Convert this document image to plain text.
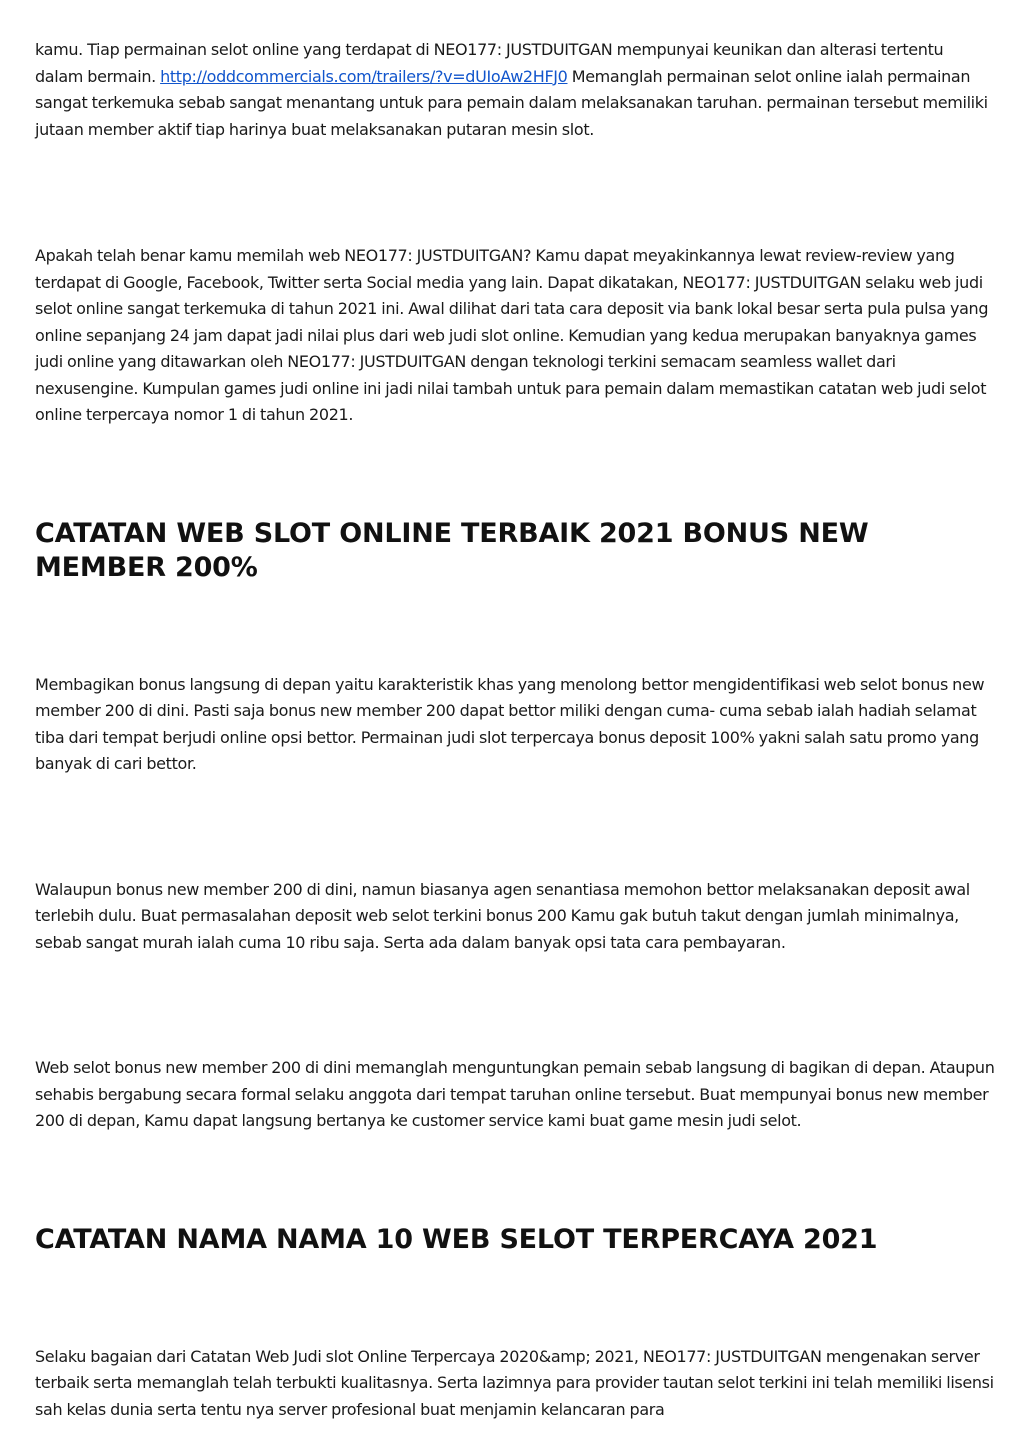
kamu. Tiap permainan selot online yang terdapat di NEO177: JUSTDUITGAN mempunyai keunikan dan alterasi tertentu dalam bermain. http://oddcommercials.com/trailers/?v=dUIoAw2HFJ0 Memanglah permainan selot online ialah permainan sangat terkemuka sebab sangat menantang untuk para pemain dalam melaksanakan taruhan. permainan tersebut memiliki jutaan member aktif tiap harinya buat melaksanakan putaran mesin slot.

Apakah telah benar kamu memilah web NEO177: JUSTDUITGAN? Kamu dapat meyakinkannya lewat review-review yang terdapat di Google, Facebook, Twitter serta Social media yang lain. Dapat dikatakan, NEO177: JUSTDUITGAN selaku web judi selot online sangat terkemuka di tahun 2021 ini. Awal dilihat dari tata cara deposit via bank lokal besar serta pula pulsa yang online sepanjang 24 jam dapat jadi nilai plus dari web judi slot online. Kemudian yang kedua merupakan banyaknya games judi online yang ditawarkan oleh NEO177: JUSTDUITGAN dengan teknologi terkini semacam seamless wallet dari nexusengine. Kumpulan games judi online ini jadi nilai tambah untuk para pemain dalam memastikan catatan web judi selot online terpercaya nomor 1 di tahun 2021.

CATATAN WEB SLOT ONLINE TERBAIK 2021 BONUS NEW MEMBER 200%

Membagikan bonus langsung di depan yaitu karakteristik khas yang menolong bettor mengidentifikasi web selot bonus new member 200 di dini. Pasti saja bonus new member 200 dapat bettor miliki dengan cuma- cuma sebab ialah hadiah selamat tiba dari tempat berjudi online opsi bettor. Permainan judi slot terpercaya bonus deposit 100% yakni salah satu promo yang banyak di cari bettor.

Walaupun bonus new member 200 di dini, namun biasanya agen senantiasa memohon bettor melaksanakan deposit awal terlebih dulu. Buat permasalahan deposit web selot terkini bonus 200 Kamu gak butuh takut dengan jumlah minimalnya, sebab sangat murah ialah cuma 10 ribu saja. Serta ada dalam banyak opsi tata cara pembayaran.

Web selot bonus new member 200 di dini memanglah menguntungkan pemain sebab langsung di bagikan di depan. Ataupun sehabis bergabung secara formal selaku anggota dari tempat taruhan online tersebut. Buat mempunyai bonus new member 200 di depan, Kamu dapat langsung bertanya ke customer service kami buat game mesin judi selot.

CATATAN NAMA NAMA 10 WEB SELOT TERPERCAYA 2021

Selaku bagaian dari Catatan Web Judi slot Online Terpercaya 2020&amp; 2021, NEO177: JUSTDUITGAN mengenakan server terbaik serta memanglah telah terbukti kualitasnya. Serta lazimnya para provider tautan selot terkini ini telah memiliki lisensi sah kelas dunia serta tentu nya server profesional buat menjamin kelancaran para
